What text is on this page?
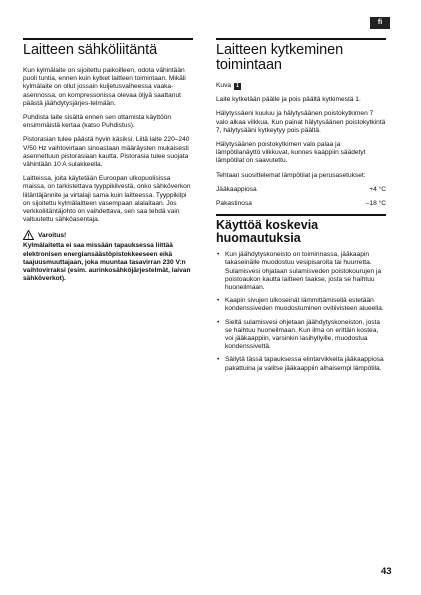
fi
Laitteen sähköliitäntä

Kun kylmälaite on sijoitettu paikoilleen, odota vähintään puoli tuntia, ennen kuin kytket laitteen toimintaan. Mikäli kylmälaite on ollut jossain kuljetusvaiheessa vaaka-asennossa, on kompressoriissa olevaa öljyä saattanut päästä jäähdytysjärjes-telmään.

Puhdista laite sisältä ennen sen ottamista käyttöön ensimmäistä kertaa (katso Puhdistus).

Pistorasian tulee päästä hyvin käsiksi. Liitä laite 220–240 V/50 Hz vaihtovirtaan sinoastaan määräysten mukaisesti asennettuun pistorasiaan kautta. Pistorasia tulee suojata vähintään 10 A sulakkeella.

Laitteissa, joita käytetään Euroopan ulkopuolisissa maissa, on tarkistettava tyyppikilvestä, onko sähköverkon liitäntäjännite ja virtalaji sama kuin laitteessa. Tyyppikilpi on sijoitettu kylmälaitteen vasempaan alalaitaan. Jos verkkoliitäntäjohto on vaihdettava, sen saa tehdä vain valtuutettu sähköasentaja.

Varoitus!

Kylmälaitetta ei saa missään tapauksessa liittää elektronisen energiansäästöpistokkeeseen eikä taajuusmuuttajaan, joka muuntaa tasavirran 230 V:n vaihtovirraksi (esim. aurinkosähköjärjestelmät, laivan sähköverkot).

Laitteen kytkeminen toimintaan
Kuva	1

Laite kytketään päälle ja pois päältä kytkimestä 1.

Hälytyssäeni kuuluu ja hälytysäänen poistokytkimen 7 valo alkaa vilkkua. Kun painat hälytysäänen poistokytkintä 7, hälytysääni kytkeytyy pois päältä.

Hälytysäänen poistokytkimen valo palaa ja lämpötilanäyttö vilkkuvat, kunnes kaappiin säädetyt lämpötilat on saavutettu.

Tehtaan suosittelemat lämpötilat ja perusasetukset:

Jääkaappiosa	+4 °C
Pakastinosa	–18 °C
Käyttöä koskevia huomautuksia
• Kun jäähdytyskoneisto on toiminnassa, jääkaapin takaseinälle muodostuu vesipisaroita tai huurretta. Sulamisvesi ohjataan sulamisveden poistokourujen ja poistoaukon kautta laitteen taakse, josta se haihtuu huoneilmaan.
• Kaapin sivujen ulkoseinät lämmittämisellä estetään kondenssiveden muodostuminen ovitiivisteen alueella.
• Sieltä sulamisvesi ohjetaan jäähdytyskoneiston, josta se haihtuu huoneilmaan. Kun ilma on erittäin kostea, voi jääkaappiin, varsinkin lasihyllyille, muodostua kondenssivettä.
• Säilytä tässä tapauksessa elintarvikkeita jääkaappiosa pakattuina ja valitse jääkaappiin alhaisempi lämpötila.
43
